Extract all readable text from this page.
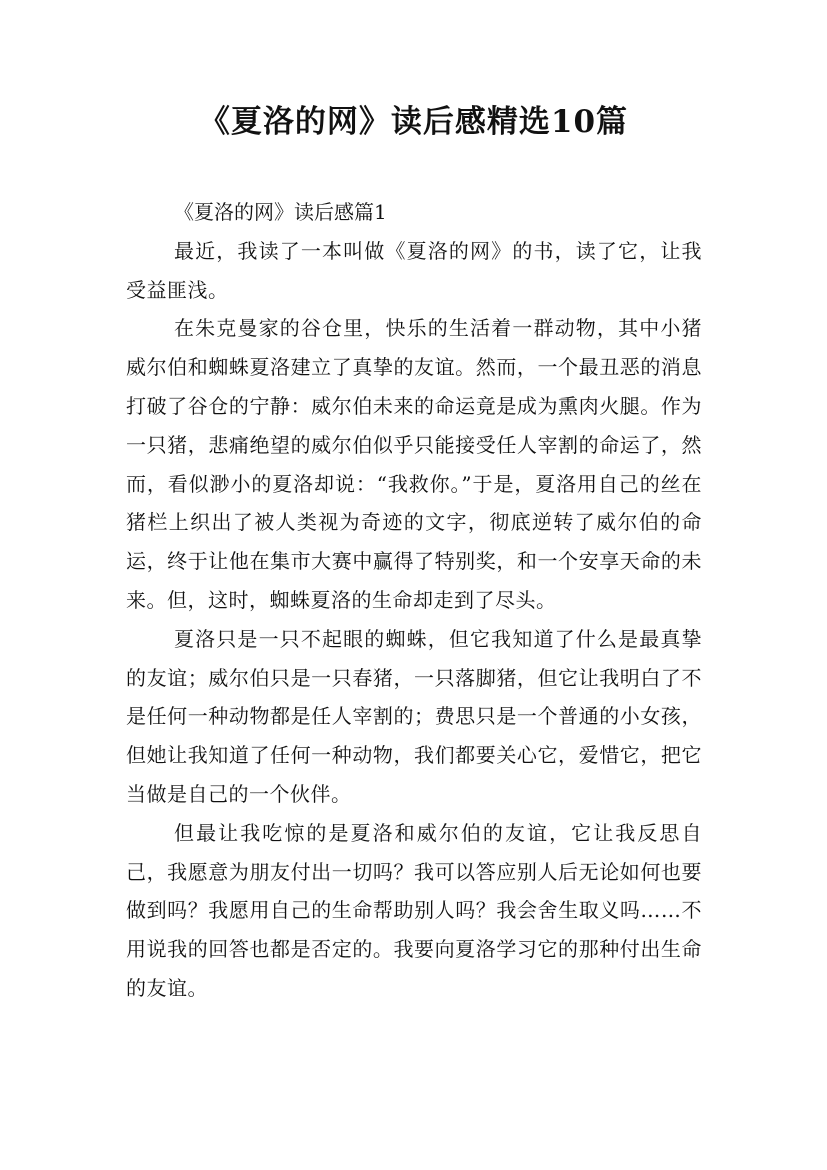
《夏洛的网》读后感精选10篇

《夏洛的网》读后感篇1

最近，我读了一本叫做《夏洛的网》的书，读了它，让我受益匪浅。

在朱克曼家的谷仓里，快乐的生活着一群动物，其中小猪威尔伯和蜘蛛夏洛建立了真挚的友谊。然而，一个最丑恶的消息打破了谷仓的宁静：威尔伯未来的命运竟是成为熏肉火腿。作为一只猪，悲痛绝望的威尔伯似乎只能接受任人宰割的命运了，然而，看似渺小的夏洛却说：“我救你。”于是，夏洛用自己的丝在猪栏上织出了被人类视为奇迹的文字，彻底逆转了威尔伯的命运，终于让他在集市大赛中赢得了特别奖，和一个安享天命的未来。但，这时，蜘蛛夏洛的生命却走到了尽头。

夏洛只是一只不起眼的蜘蛛，但它我知道了什么是最真挚的友谊；威尔伯只是一只春猪，一只落脚猪，但它让我明白了不是任何一种动物都是任人宰割的；费思只是一个普通的小女孩，但她让我知道了任何一种动物，我们都要关心它，爱惜它，把它当做是自己的一个伙伴。

但最让我吃惊的是夏洛和威尔伯的友谊，它让我反思自己，我愿意为朋友付出一切吗？我可以答应别人后无论如何也要做到吗？我愿用自己的生命帮助别人吗？我会舍生取义吗……不用说我的回答也都是否定的。我要向夏洛学习它的那种付出生命的友谊。
